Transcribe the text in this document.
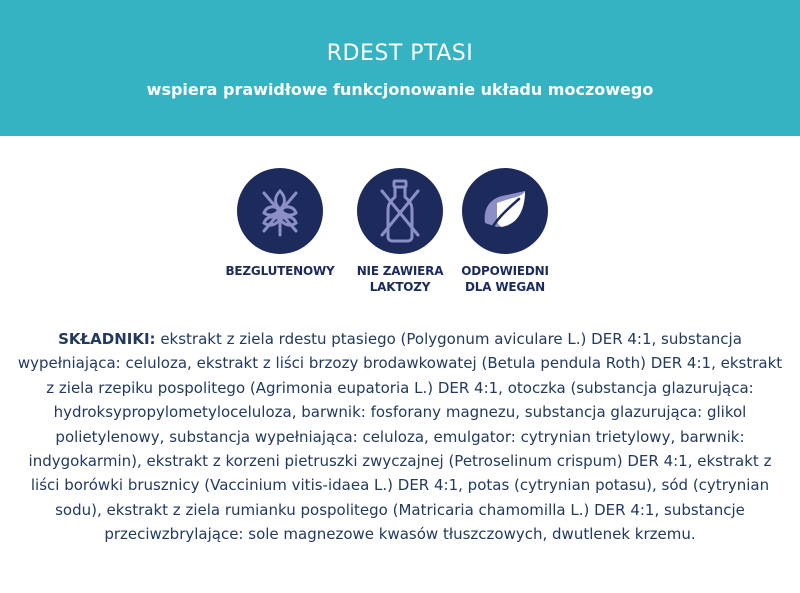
RDEST PTASI
wspiera prawidłowe funkcjonowanie układu moczowego
BEZGLUTENOWY	NIE ZAWIERA
LAKTOZY
ODPOWIEDNI
DLA WEGAN
SKŁADNIKI: ekstrakt z ziela rdestu ptasiego (Polygonum aviculare L.) DER 4:1, substancja wypełniająca: celuloza, ekstrakt z liści brzozy brodawkowatej (Betula pendula Roth) DER 4:1, ekstrakt z ziela rzepiku pospolitego (Agrimonia eupatoria L.) DER 4:1, otoczka (substancja glazurująca: hydroksypropylometyloceluloza, barwnik: fosforany magnezu, substancja glazurująca: glikol polietylenowy, substancja wypełniająca: celuloza, emulgator: cytrynian trietylowy, barwnik: indygokarmin), ekstrakt z korzeni pietruszki zwyczajnej (Petroselinum crispum) DER 4:1, ekstrakt z liści borówki brusznicy (Vaccinium vitis-idaea L.) DER 4:1, potas (cytrynian potasu), sód (cytrynian sodu), ekstrakt z ziela rumianku pospolitego (Matricaria chamomilla L.) DER 4:1, substancje przeciwzbrylające: sole magnezowe kwasów tłuszczowych, dwutlenek krzemu.
